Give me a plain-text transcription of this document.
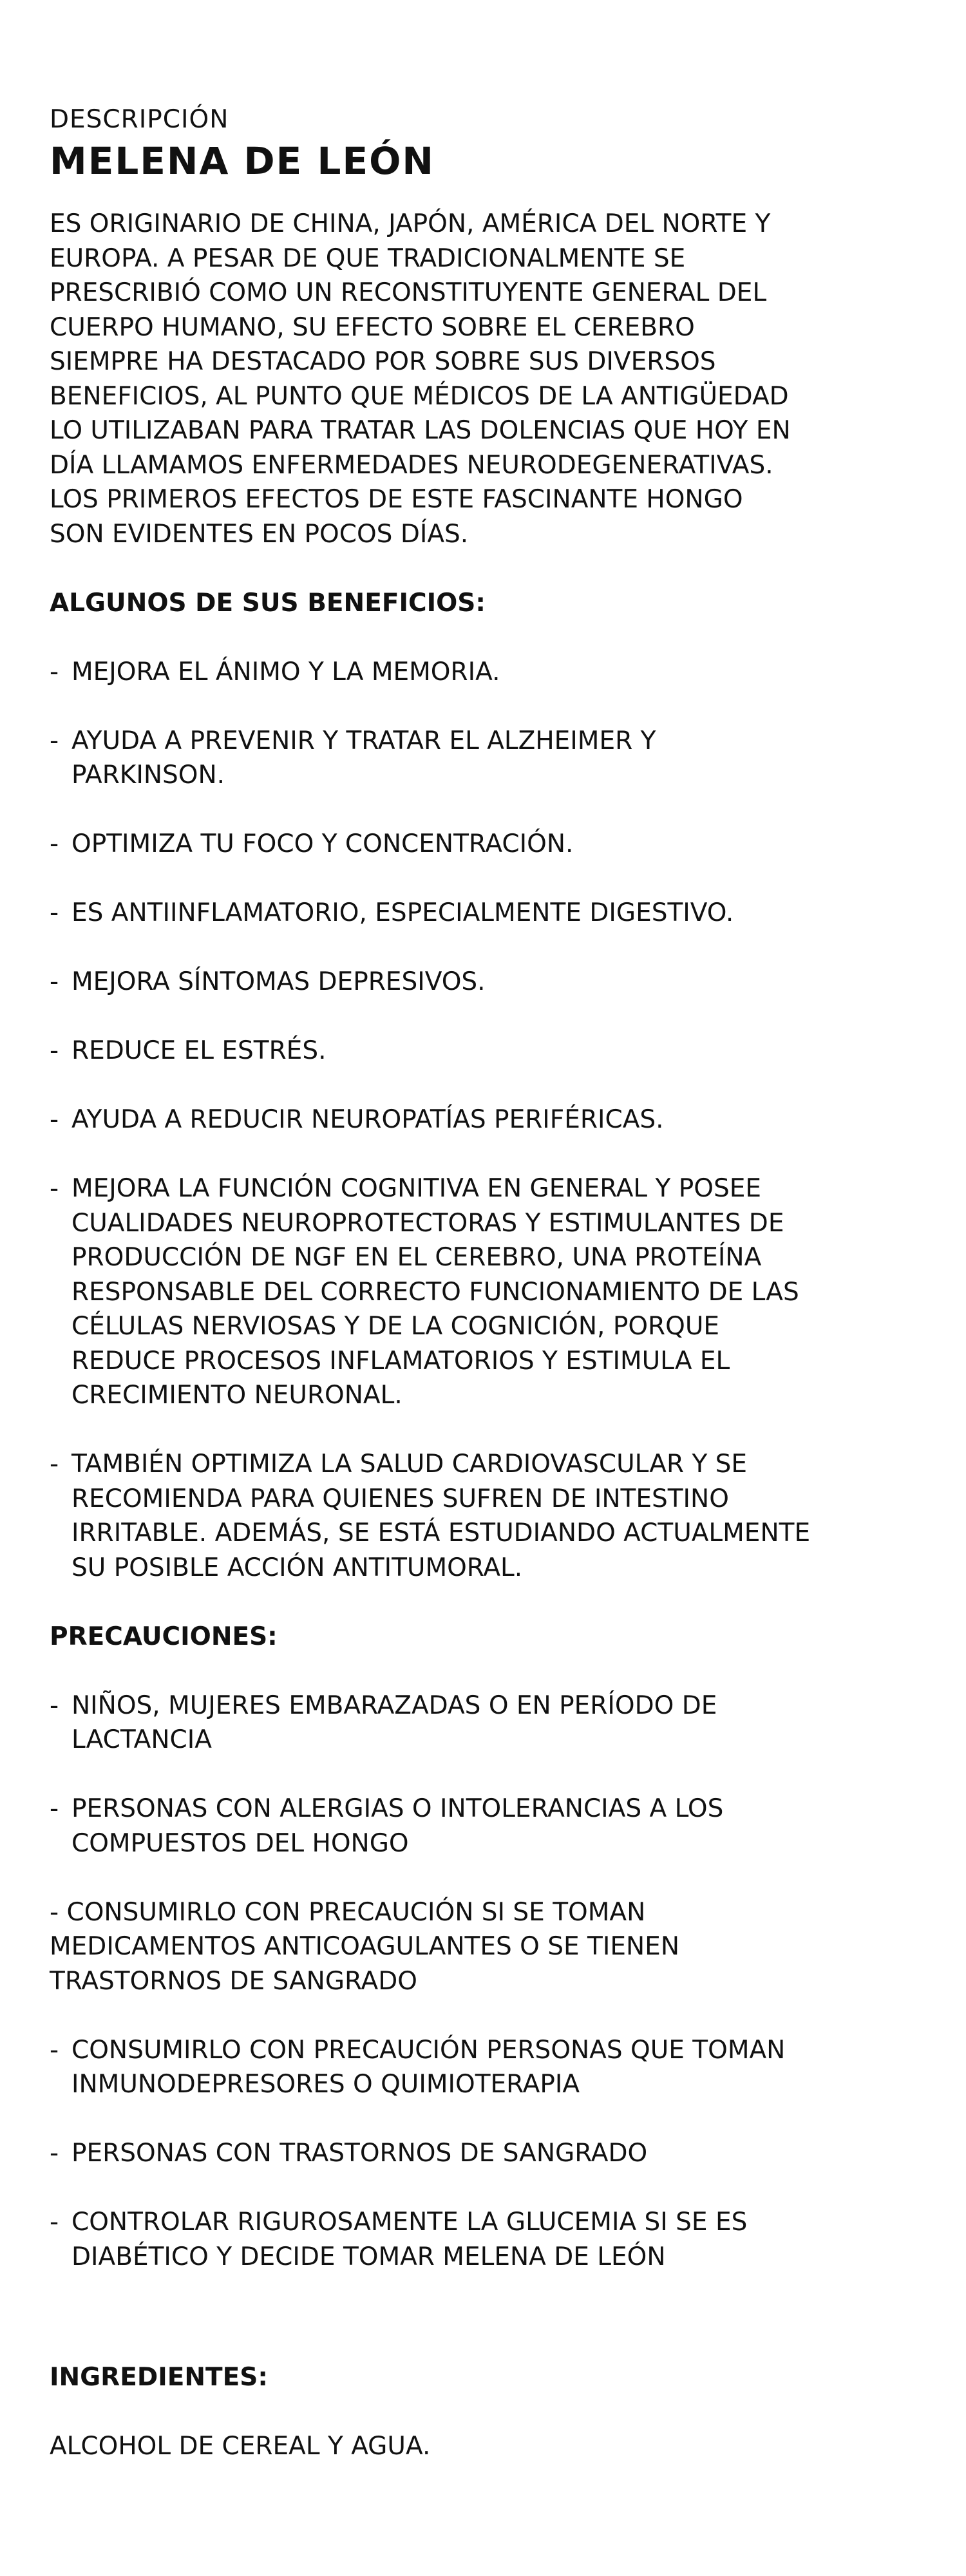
DESCRIPCIÓN

MELENA DE LEÓN

ES ORIGINARIO DE CHINA, JAPÓN, AMÉRICA DEL NORTE Y
EUROPA. A PESAR DE QUE TRADICIONALMENTE SE
PRESCRIBIÓ COMO UN RECONSTITUYENTE GENERAL DEL
CUERPO HUMANO, SU EFECTO SOBRE EL CEREBRO
SIEMPRE HA DESTACADO POR SOBRE SUS DIVERSOS
BENEFICIOS, AL PUNTO QUE MÉDICOS DE LA ANTIGÜEDAD
LO UTILIZABAN PARA TRATAR LAS DOLENCIAS QUE HOY EN
DÍA LLAMAMOS ENFERMEDADES NEURODEGENERATIVAS.
LOS PRIMEROS EFECTOS DE ESTE FASCINANTE HONGO
SON EVIDENTES EN POCOS DÍAS.

ALGUNOS DE SUS BENEFICIOS:
- MEJORA EL ÁNIMO Y LA MEMORIA.
- AYUDA A PREVENIR Y TRATAR EL ALZHEIMER Y
PARKINSON.
- OPTIMIZA TU FOCO Y CONCENTRACIÓN.
- ES ANTIINFLAMATORIO, ESPECIALMENTE DIGESTIVO.
- MEJORA SÍNTOMAS DEPRESIVOS.
- REDUCE EL ESTRÉS.
- AYUDA A REDUCIR NEUROPATÍAS PERIFÉRICAS.
- MEJORA LA FUNCIÓN COGNITIVA EN GENERAL Y POSEE
CUALIDADES NEUROPROTECTORAS Y ESTIMULANTES DE
PRODUCCIÓN DE NGF EN EL CEREBRO, UNA PROTEÍNA
RESPONSABLE DEL CORRECTO FUNCIONAMIENTO DE LAS
CÉLULAS NERVIOSAS Y DE LA COGNICIÓN, PORQUE
REDUCE PROCESOS INFLAMATORIOS Y ESTIMULA EL
CRECIMIENTO NEURONAL.
- TAMBIÉN OPTIMIZA LA SALUD CARDIOVASCULAR Y SE
RECOMIENDA PARA QUIENES SUFREN DE INTESTINO
IRRITABLE. ADEMÁS, SE ESTÁ ESTUDIANDO ACTUALMENTE
SU POSIBLE ACCIÓN ANTITUMORAL.
PRECAUCIONES:
- NIÑOS, MUJERES EMBARAZADAS O EN PERÍODO DE
LACTANCIA
- PERSONAS CON ALERGIAS O INTOLERANCIAS A LOS
COMPUESTOS DEL HONGO
- CONSUMIRLO CON PRECAUCIÓN SI SE TOMAN
MEDICAMENTOS ANTICOAGULANTES O SE TIENEN
TRASTORNOS DE SANGRADO
- CONSUMIRLO CON PRECAUCIÓN PERSONAS QUE TOMAN
INMUNODEPRESORES O QUIMIOTERAPIA
- PERSONAS CON TRASTORNOS DE SANGRADO
- CONTROLAR RIGUROSAMENTE LA GLUCEMIA SI SE ES
DIABÉTICO Y DECIDE TOMAR MELENA DE LEÓN
INGREDIENTES:

ALCOHOL DE CEREAL Y AGUA.
